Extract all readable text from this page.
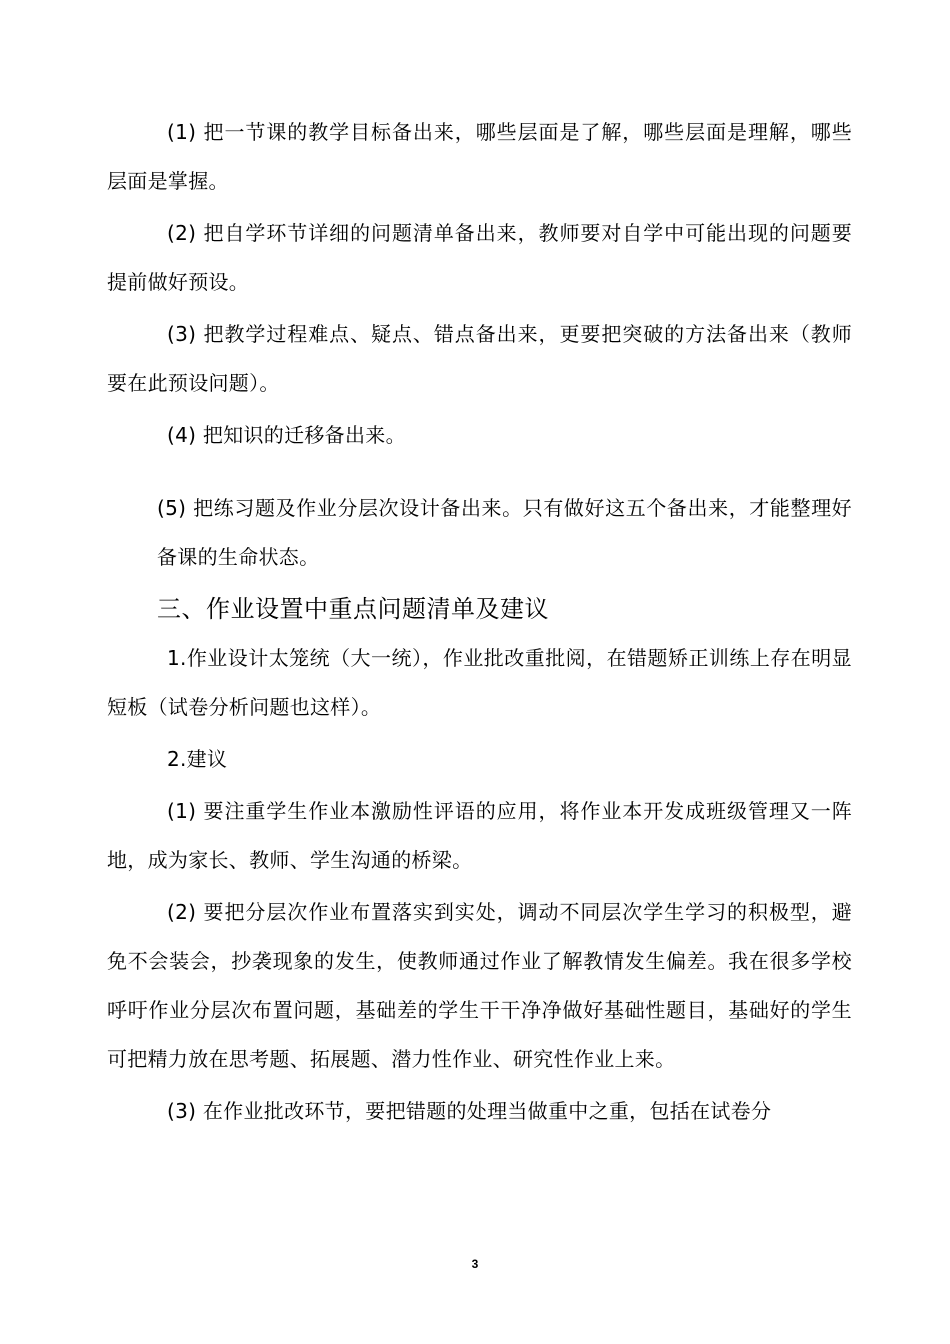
(1) 把一节课的教学目标备出来，哪些层面是了解，哪些层面是理解，哪些层面是掌握。

(2) 把自学环节详细的问题清单备出来，教师要对自学中可能出现的问题要提前做好预设。

(3) 把教学过程难点、疑点、错点备出来，更要把突破的方法备出来（教师要在此预设问题）。

(4) 把知识的迁移备出来。

(5) 把练习题及作业分层次设计备出来。只有做好这五个备出来，才能整理好备课的生命状态。

三、作业设置中重点问题清单及建议

1.作业设计太笼统（大一统），作业批改重批阅，在错题矫正训练上存在明显短板（试卷分析问题也这样）。

2.建议

(1) 要注重学生作业本激励性评语的应用，将作业本开发成班级管理又一阵地，成为家长、教师、学生沟通的桥梁。

(2) 要把分层次作业布置落实到实处，调动不同层次学生学习的积极型，避免不会装会，抄袭现象的发生，使教师通过作业了解教情发生偏差。我在很多学校呼吁作业分层次布置问题，基础差的学生干干净净做好基础性题目，基础好的学生可把精力放在思考题、拓展题、潜力性作业、研究性作业上来。

(3) 在作业批改环节，要把错题的处理当做重中之重，包括在试卷分

3
